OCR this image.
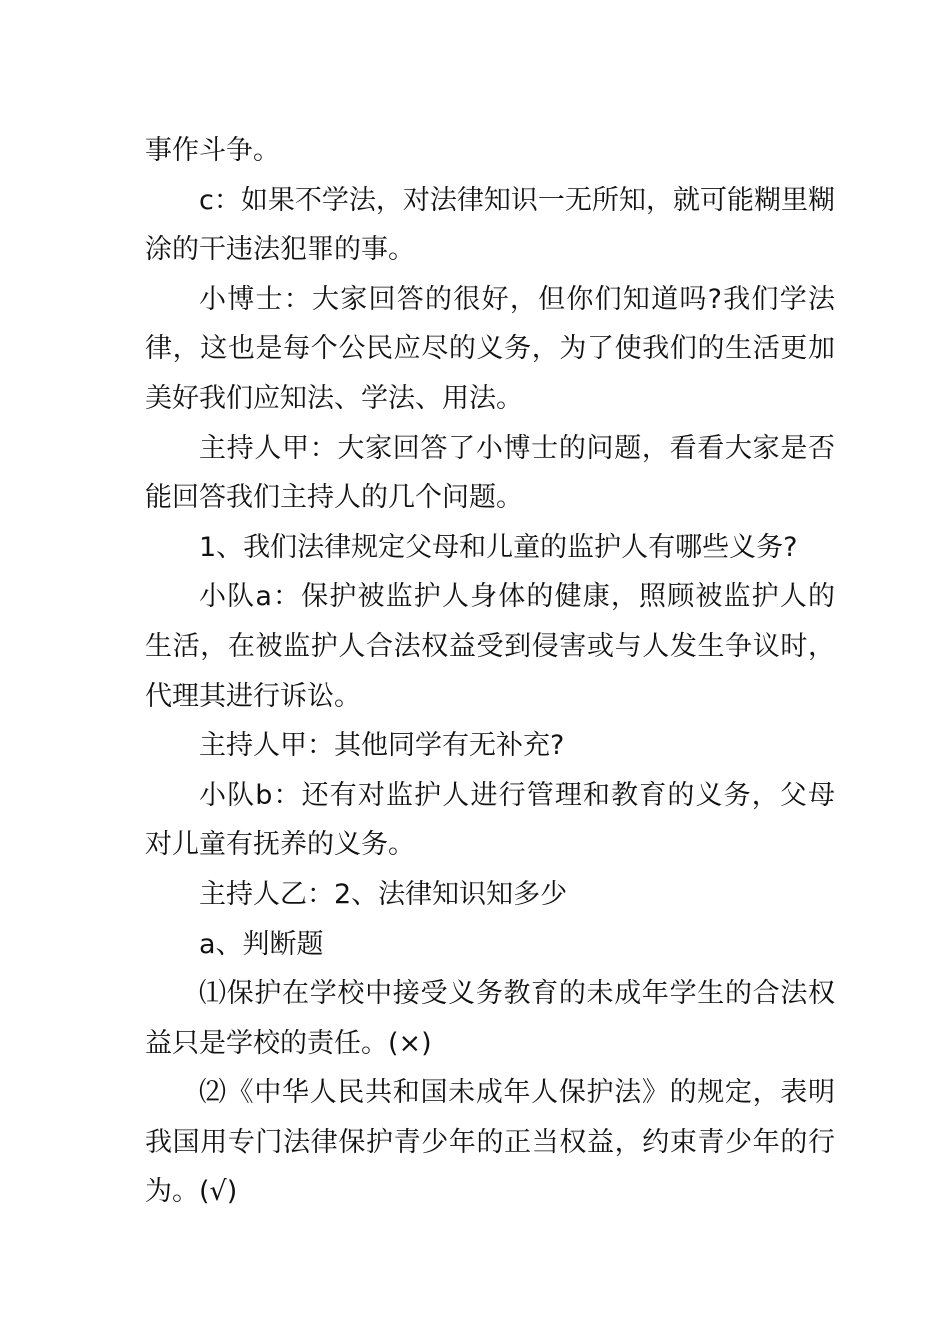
事作斗争。

c：如果不学法，对法律知识一无所知，就可能糊里糊涂的干违法犯罪的事。

小博士：大家回答的很好，但你们知道吗?我们学法律，这也是每个公民应尽的义务，为了使我们的生活更加美好我们应知法、学法、用法。

主持人甲：大家回答了小博士的问题，看看大家是否能回答我们主持人的几个问题。

1、我们法律规定父母和儿童的监护人有哪些义务?

小队a：保护被监护人身体的健康，照顾被监护人的生活，在被监护人合法权益受到侵害或与人发生争议时，代理其进行诉讼。

主持人甲：其他同学有无补充?

小队b：还有对监护人进行管理和教育的义务，父母对儿童有抚养的义务。

主持人乙：2、法律知识知多少

a、判断题

⑴保护在学校中接受义务教育的未成年学生的合法权益只是学校的责任。(×)

⑵《中华人民共和国未成年人保护法》的规定，表明我国用专门法律保护青少年的正当权益，约束青少年的行为。(√)
